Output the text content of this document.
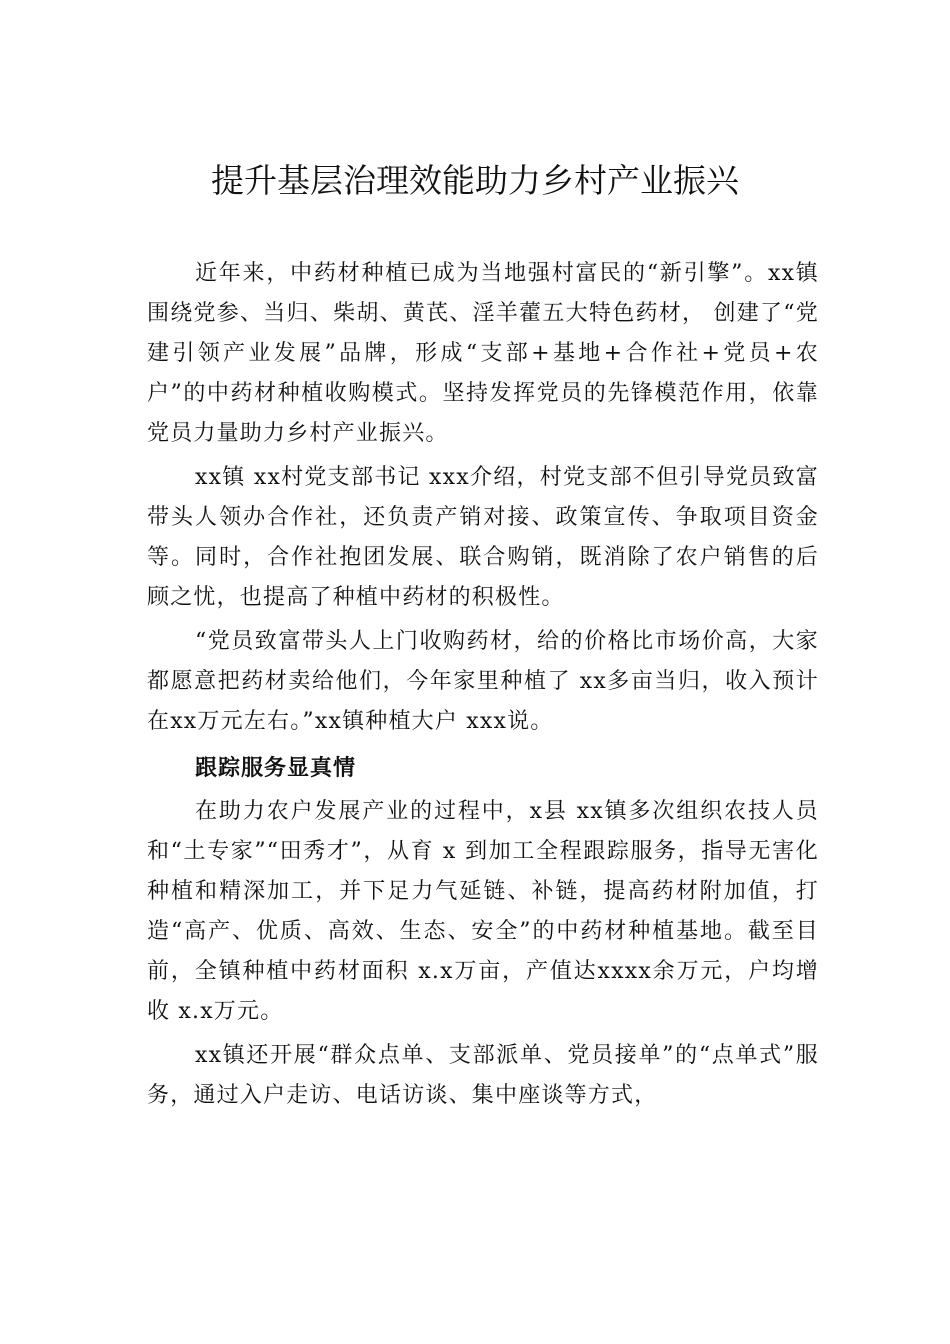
提升基层治理效能助力乡村产业振兴

近年来，中药材种植已成为当地强村富民的“新引擎”。xx镇围绕党参、当归、柴胡、黄芪、淫羊藿五大特色药材， 创建了“党建引领产业发展”品牌，形成“支部+基地+合作社+党员+农户”的中药材种植收购模式。坚持发挥党员的先锋模范作用，依靠党员力量助力乡村产业振兴。

xx镇 xx村党支部书记 xxx介绍，村党支部不但引导党员致富带头人领办合作社，还负责产销对接、政策宣传、争取项目资金等。同时，合作社抱团发展、联合购销，既消除了农户销售的后顾之忧，也提高了种植中药材的积极性。

“党员致富带头人上门收购药材，给的价格比市场价高，大家都愿意把药材卖给他们，今年家里种植了 xx多亩当归，收入预计在xx万元左右。”xx镇种植大户 xxx说。

跟踪服务显真情

在助力农户发展产业的过程中，x县 xx镇多次组织农技人员和“土专家”“田秀才”，从育 x 到加工全程跟踪服务，指导无害化种植和精深加工，并下足力气延链、补链，提高药材附加值，打造“高产、优质、高效、生态、安全”的中药材种植基地。截至目前，全镇种植中药材面积 x.x万亩，产值达xxxx余万元，户均增收 x.x万元。

xx镇还开展“群众点单、支部派单、党员接单”的“点单式”服务，通过入户走访、电话访谈、集中座谈等方式，
